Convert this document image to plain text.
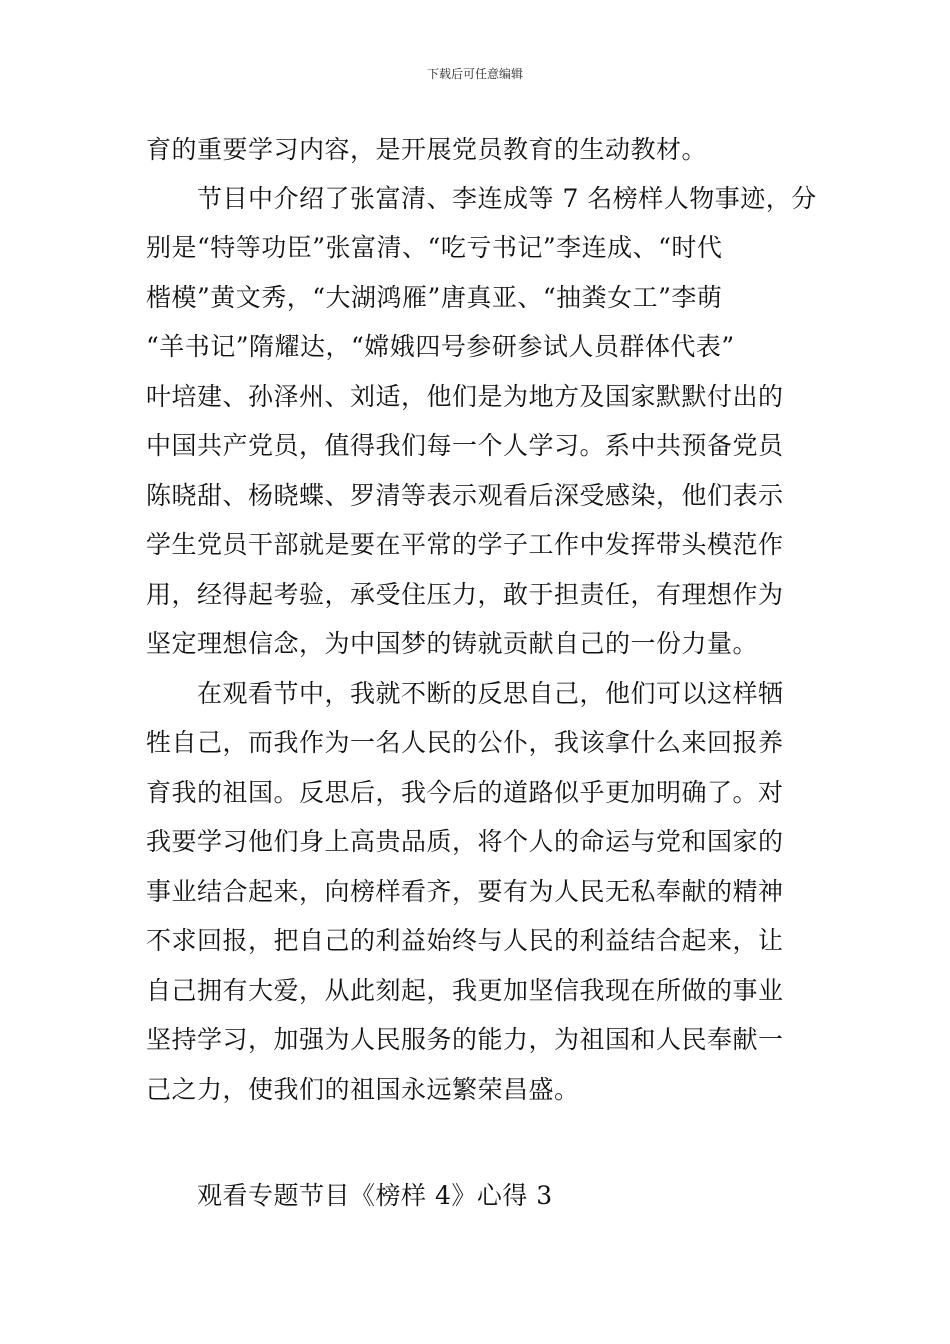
下载后可任意编辑
育的重要学习内容，是开展党员教育的生动教材。
节目中介绍了张富清、李连成等 7 名榜样人物事迹，分
别是“特等功臣”张富清、“吃亏书记”李连成、“时代
楷模”黄文秀，“大湖鸿雁”唐真亚、“抽粪女工”李萌
“羊书记”隋耀达，“嫦娥四号参研参试人员群体代表”
叶培建、孙泽州、刘适，他们是为地方及国家默默付出的
中国共产党员，值得我们每一个人学习。系中共预备党员
陈晓甜、杨晓蝶、罗清等表示观看后深受感染，他们表示
学生党员干部就是要在平常的学子工作中发挥带头模范作
用，经得起考验，承受住压力，敢于担责任，有理想作为
坚定理想信念，为中国梦的铸就贡献自己的一份力量。
在观看节中，我就不断的反思自己，他们可以这样牺
牲自己，而我作为一名人民的公仆，我该拿什么来回报养
育我的祖国。反思后，我今后的道路似乎更加明确了。对
我要学习他们身上高贵品质，将个人的命运与党和国家的
事业结合起来，向榜样看齐，要有为人民无私奉献的精神
不求回报，把自己的利益始终与人民的利益结合起来，让
自己拥有大爱，从此刻起，我更加坚信我现在所做的事业
坚持学习，加强为人民服务的能力，为祖国和人民奉献一
己之力，使我们的祖国永远繁荣昌盛。
观看专题节目《榜样 4》心得 3
